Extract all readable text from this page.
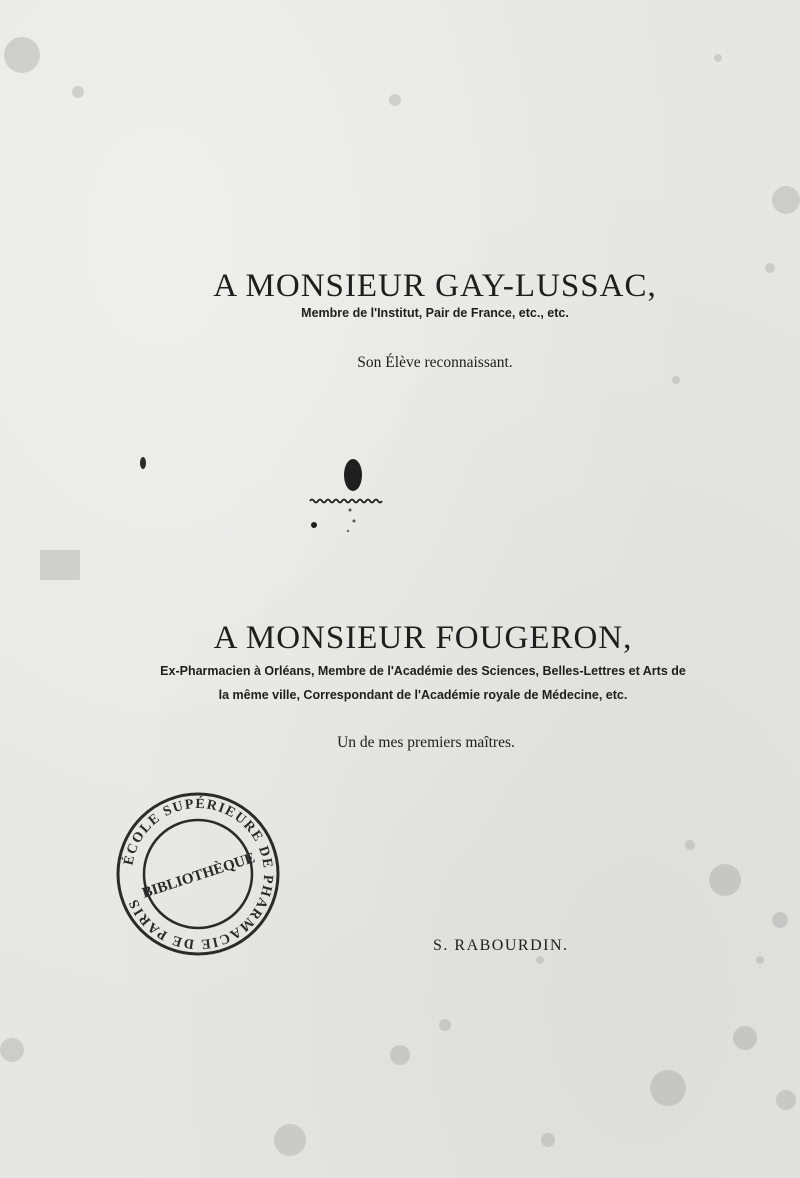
A MONSIEUR GAY-LUSSAC,

Membre de l'Institut, Pair de France, etc., etc.

Son Élève reconnaissant.

A MONSIEUR FOUGERON,

Ex-Pharmacien à Orléans, Membre de l'Académie des Sciences, Belles-Lettres et Arts de

la même ville, Correspondant de l'Académie royale de Médecine, etc.

Un de mes premiers maîtres.

ÉCOLE SUPÉRIEURE DE PHARMACIE DE PARIS
BIBLIOTHÈQUE
S. RABOURDIN.
